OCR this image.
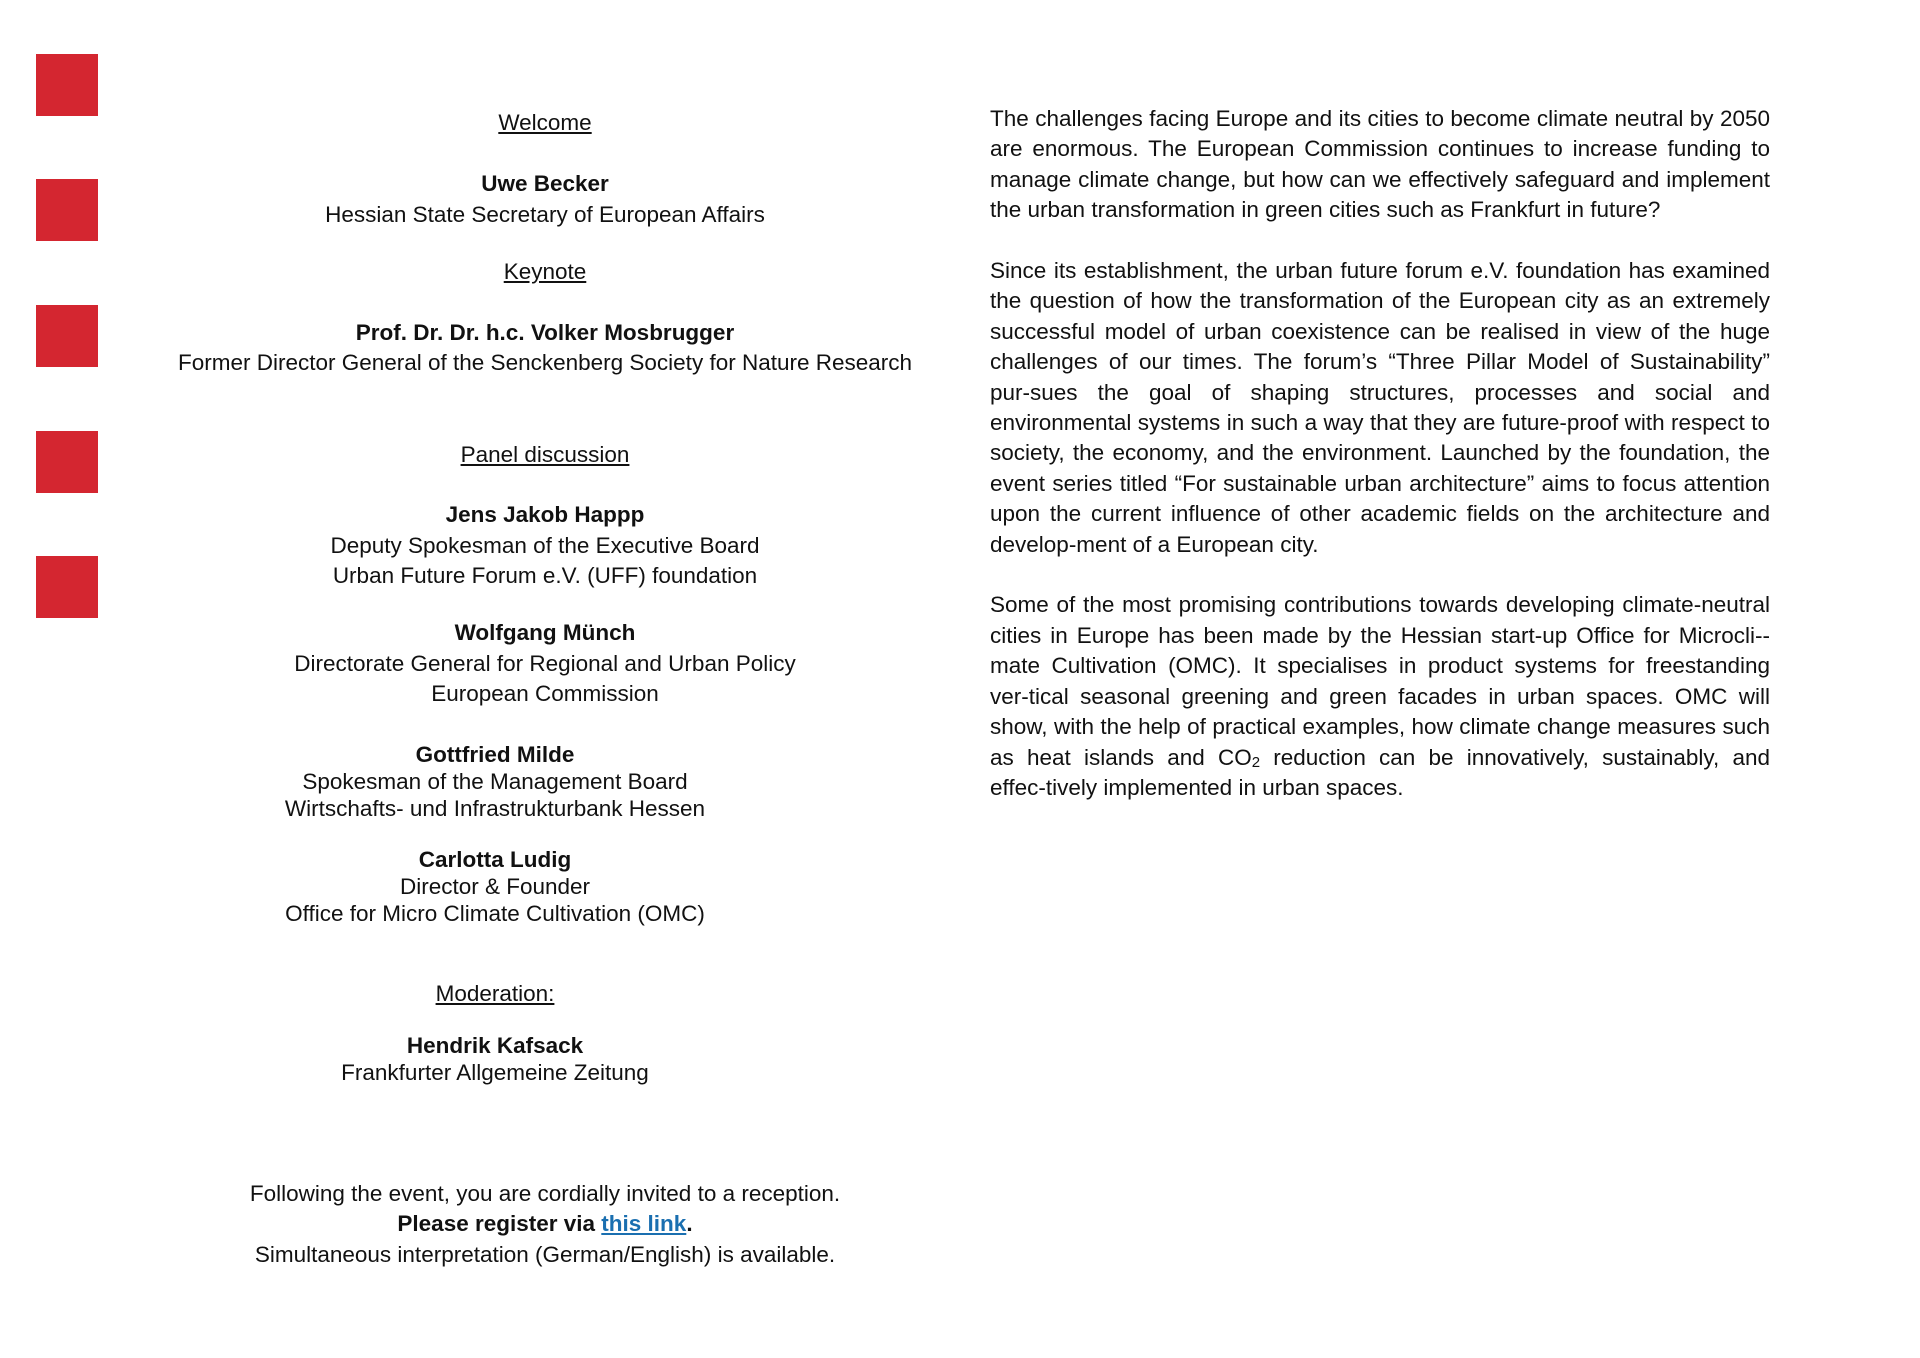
Welcome
Uwe Becker
Hessian State Secretary of European Affairs
Keynote
Prof. Dr. Dr. h.c. Volker Mosbrugger
Former Director General of the Senckenberg Society for Nature Research
Panel discussion
Jens Jakob Happp
Deputy Spokesman of the Executive Board
Urban Future Forum e.V. (UFF) foundation
Wolfgang Münch
Directorate General for Regional and Urban Policy
European Commission
Gottfried Milde
Spokesman of the Management Board
Wirtschafts- und Infrastrukturbank Hessen
Carlotta Ludig
Director & Founder
Office for Micro Climate Cultivation (OMC)
Moderation:
Hendrik Kafsack
Frankfurter Allgemeine Zeitung
Following the event, you are cordially invited to a reception.
Please register via this link.
Simultaneous interpretation (German/English) is available.

The challenges facing Europe and its cities to become climate neutral by 2050 are enormous. The European Commission continues to increase funding to manage climate change, but how can we effectively safeguard and implement the urban transformation in green cities such as Frankfurt in future?

Since its establishment, the urban future forum e.V. foundation has examined the question of how the transformation of the European city as an extremely successful model of urban coexistence can be realised in view of the huge challenges of our times. The forum’s “Three Pillar Model of Sustainability” pur-sues the goal of shaping structures, processes and social and environmental systems in such a way that they are future-proof with respect to society, the economy, and the environment. Launched by the foundation, the event series titled “For sustainable urban architecture” aims to focus attention upon the current influence of other academic fields on the architecture and develop-ment of a European city.

Some of the most promising contributions towards developing climate-neutral cities in Europe has been made by the Hessian start-up Office for Microcli-mate Cultivation (OMC). It specialises in product systems for freestanding ver-tical seasonal greening and green facades in urban spaces. OMC will show, with the help of practical examples, how climate change measures such as heat islands and $CO_2$ reduction can be innovatively, sustainably, and effec-tively implemented in urban spaces.
